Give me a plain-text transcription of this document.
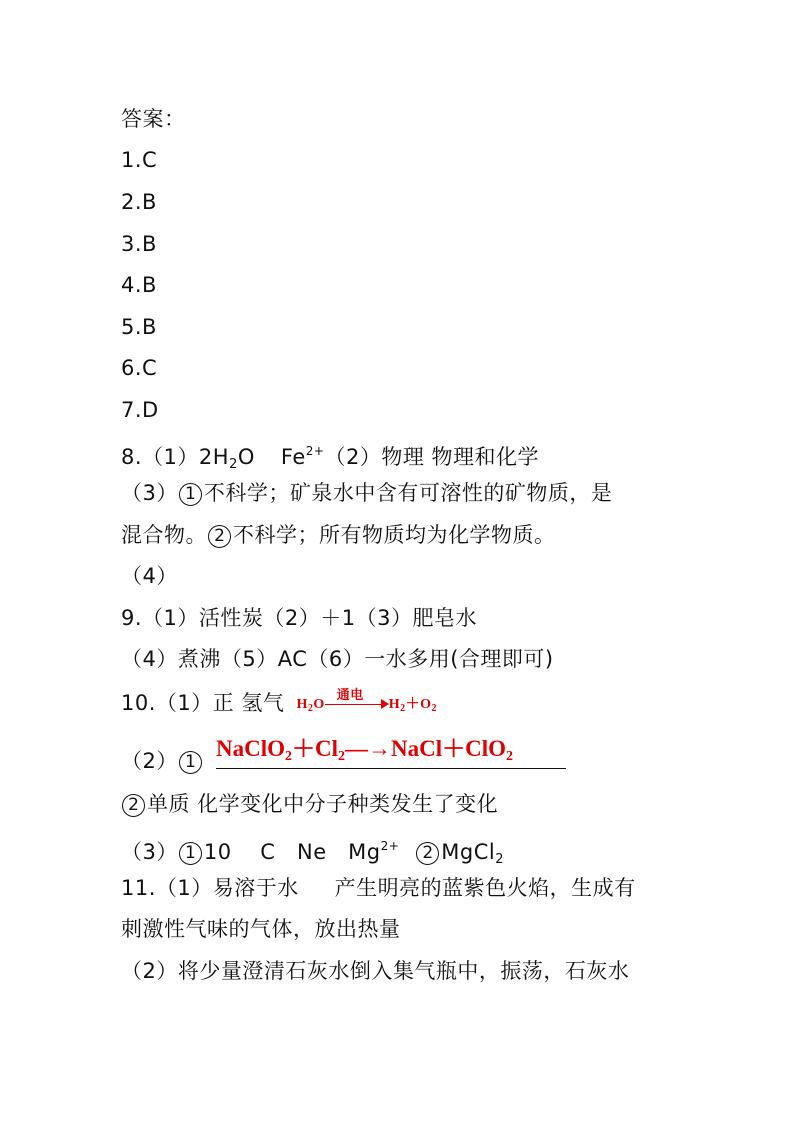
答案：
1.C
2.B
3.B
4.B
5.B
6.C
7.D
$8.(1)2H_2O$ $Fe^{2+}(2)$物理 物理和化学
（3） 1 不科学；矿泉水中含有可溶性的矿物质，是
混合物。 2 不科学；所有物质均为化学物质。
（4）
9.（1）活性炭（2）＋1（3）肥皂水
（4）煮沸（5）AC（6）一水多用(合理即可)
10.（1）正 氢气 $H_2O$
通电
$H_2+O_2$
（2） 1
$NaClO_2+Cl_2—\to NaCl+ClO_2$
2 单质 化学变化中分子种类发生了变化
（3） 1 10    C   Ne   $Mg^{2+}$ 2 MgCl$_2$
11.（1）易溶于水     产生明亮的蓝紫色火焰，生成有
刺激性气味的气体，放出热量
（2）将少量澄清石灰水倒入集气瓶中，振荡，石灰水
